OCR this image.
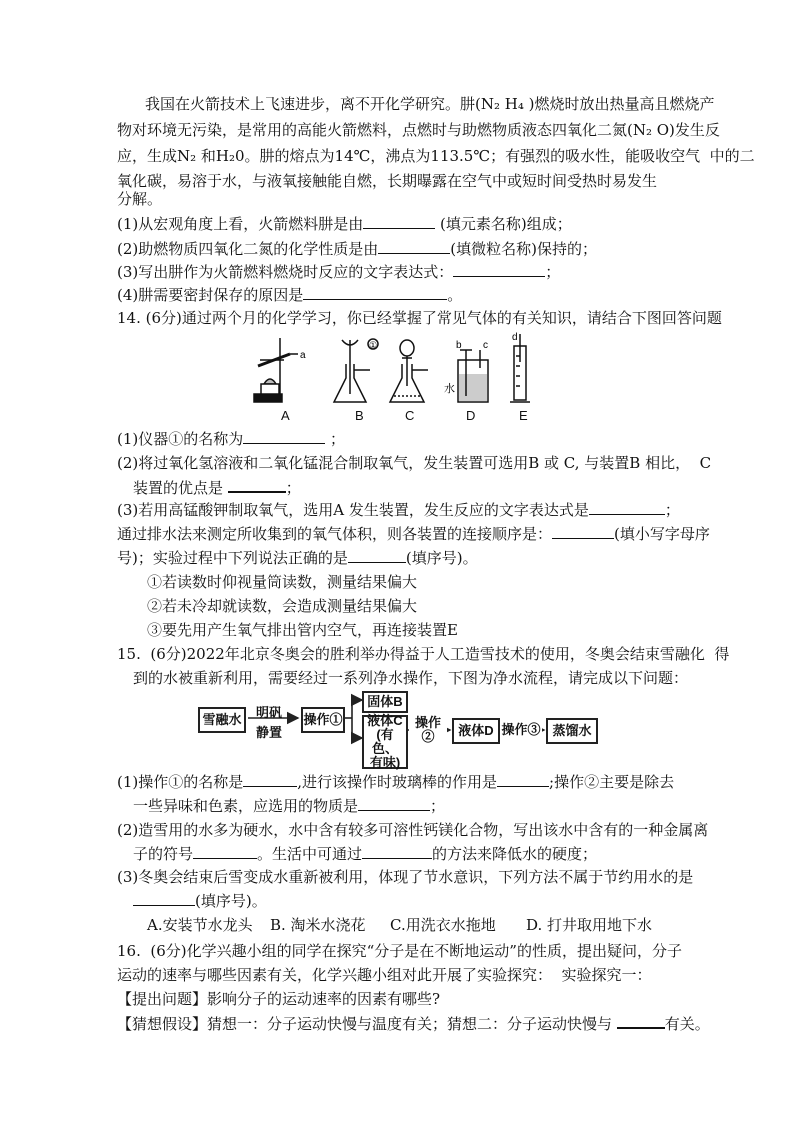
我国在火箭技术上飞速进步，离不开化学研究。肼(N₂ H₄ )燃烧时放出热量高且燃烧产
物对环境无污染，是常用的高能火箭燃料，点燃时与助燃物质液态四氧化二氮(N₂ O)发生反
应，生成N₂ 和H₂0。肼的熔点为14℃，沸点为113.5℃；有强烈的吸水性，能吸收空气  中的二
氧化碳，易溶于水，与液氧接触能自燃，长期曝露在空气中或短时间受热时易发生
分解。
(1)从宏观角度上看，火箭燃料肼是由	(填元素名称)组成；
(2)助燃物质四氧化二氮的化学性质是由	(填微粒名称)保持的；
(3)写出肼作为火箭燃料燃烧时反应的文字表达式：	；
(4)肼需要密封保存的原因是	。
14. (6分)通过两个月的化学学习，你已经掌握了常见气体的有关知识，请结合下图回答问题
a
①	b c
d
水
A	B	C	D	E
(1)仪器①的名称为	；
(2)将过氧化氢溶液和二氧化锰混合制取氧气，发生装置可选用B 或 C, 与装置B 相比，  C
装置的优点是	；
(3)若用高锰酸钾制取氧气，选用A 发生装置，发生反应的文字表达式是	；
通过排水法来测定所收集到的氧气体积，则各装置的连接顺序是：	(填小写字母序
号)；实验过程中下列说法正确的是	(填序号)。
①若读数时仰视量筒读数，测量结果偏大
②若未冷却就读数，会造成测量结果偏大
③要先用产生氧气排出管内空气，再连接装置E
15.  (6分)2022年北京冬奥会的胜利举办得益于人工造雪技术的使用，冬奥会结束雪融化  得
到的水被重新利用，需要经过一系列净水操作，下图为净水流程，请完成以下问题：
雪融水	明矾
静置
操作①
固体B
液体C
(有色、
有味)
操作②	液体D 操作③ 蒸馏水
(1)操作①的名称是	,进行该操作时玻璃棒的作用是	;操作②主要是除去
一些异味和色素，应选用的物质是	；
(2)造雪用的水多为硬水，水中含有较多可溶性钙镁化合物，写出该水中含有的一种金属离
子的符号	。生活中可通过	的方法来降低水的硬度；
(3)冬奥会结束后雪变成水重新被利用，体现了节水意识，下列方法不属于节约用水的是
(填序号)。
A.安装节水龙头 B. 淘米水浇花 C.用洗衣水拖地 D. 打井取用地下水
16.  (6分)化学兴趣小组的同学在探究“分子是在不断地运动”的性质，提出疑问，分子
运动的速率与哪些因素有关，化学兴趣小组对此开展了实验探究：  实验探究一：
【提出问题】影响分子的运动速率的因素有哪些?
【猜想假设】猜想一：分子运动快慢与温度有关；猜想二：分子运动快慢与	有关。
